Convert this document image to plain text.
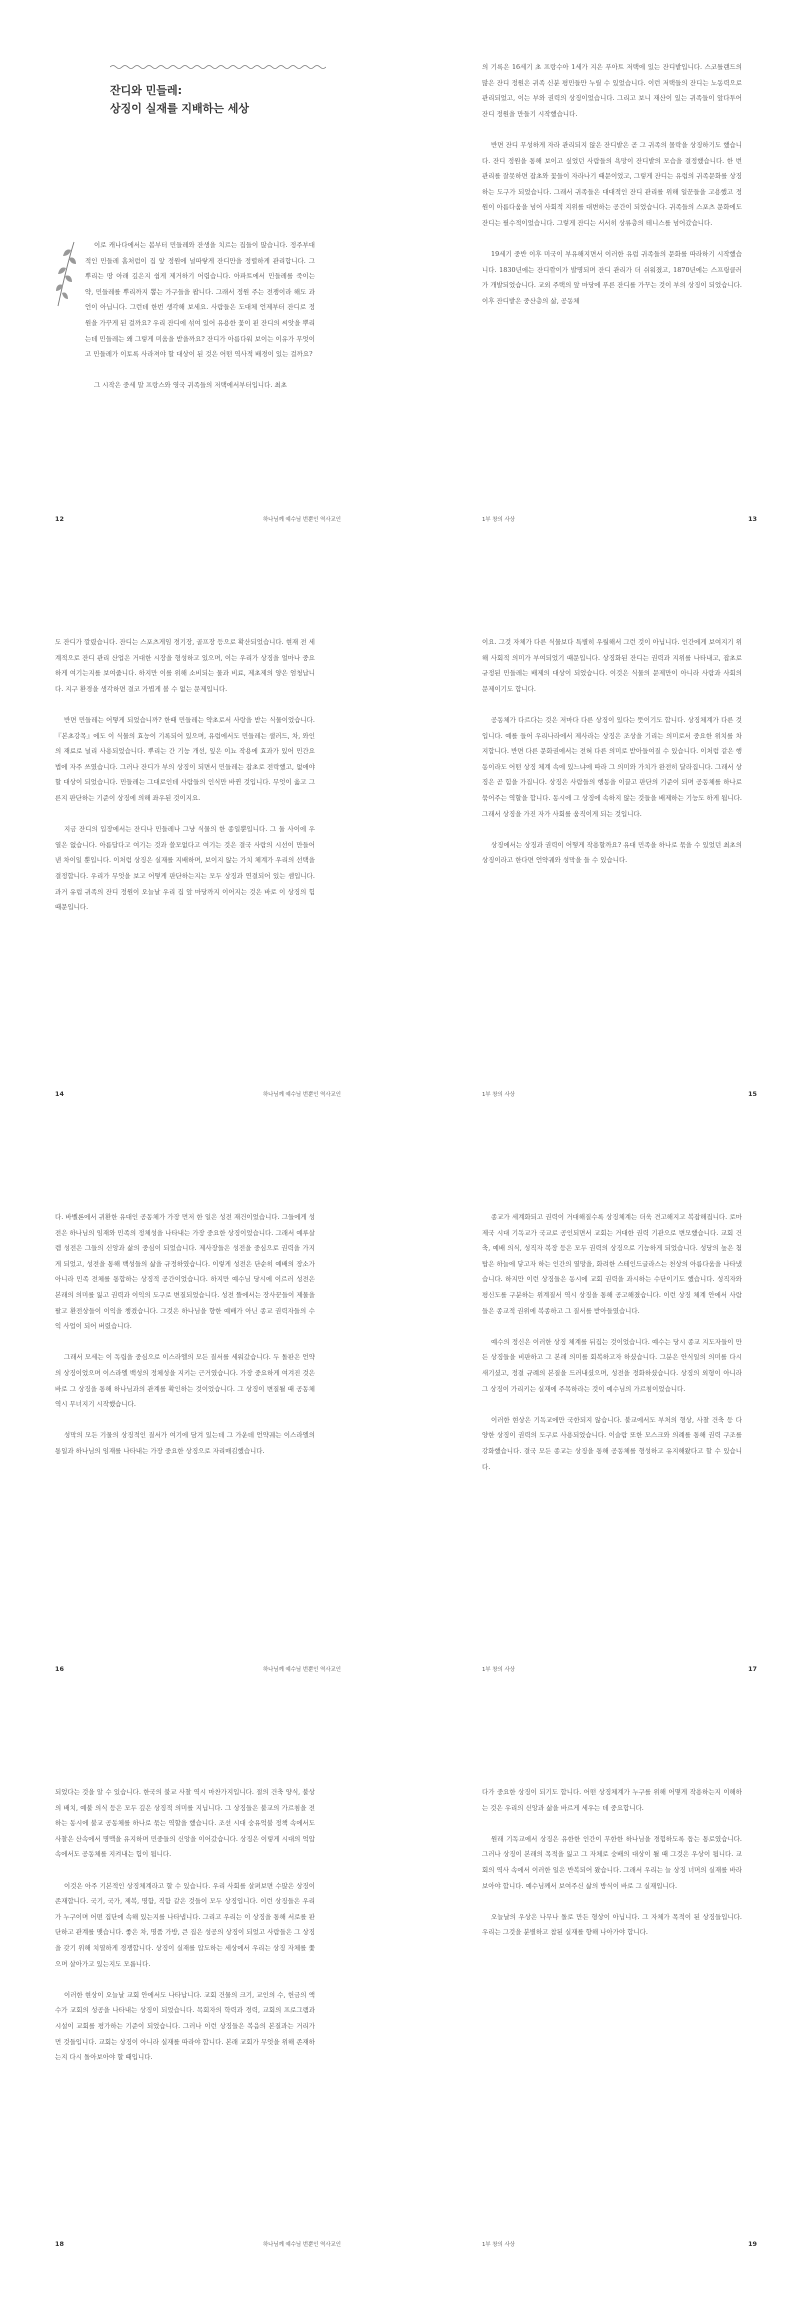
잔디와 민들레:
상징이 실재를 지배하는 세상

이로 캐나다에서는 봄부터 민들레와 잔생을 치르는 집들이 많습니다. 정주부대적인 민들레 홈처럼이 집 앞 정원에 널따랗게 잔디만을 정렬하게 관리합니다. 그 뿌리는 땅 아래 깊은지 쉽게 제거하기 어렵습니다. 아파트에서 민들레를 죽이는 약, 민들레를 뿌리까지 뽑는 가구들을 팝니다. 그래서 정원 주는 전쟁이라 해도 과언이 아닙니다. 그런데 한번 생각해 보세요. 사람들은 도대체 언제부터 잔디로 정원을 가꾸게 된 걸까요? 우리 잔디에 섞여 있어 유용한 꽃이 핀 잔디의 씨앗을 뿌리는데 민들레는 왜 그렇게 미움을 받을까요? 잔디가 아름다워 보이는 이유가 무엇이고 민들레가 이토록 사라져야 할 대상이 된 것은 어떤 역사적 배경이 있는 걸까요?

그 시작은 중세 말 프랑스와 영국 귀족들의 저택에서부터입니다. 최초

12	하나님께 예수님 번뿐인 역사교인

의 기록은 16세기 초 프랑수아 1세가 지은 푸아트 저택에 있는 잔디밭입니다. 스코틀랜드의 많은 잔디 정원은 귀족 신분 평민들만 누릴 수 있었습니다. 이런 저택들의 잔디는 노동력으로 관리되었고, 이는 부와 권력의 상징이었습니다. 그리고 보니 재산이 있는 귀족들이 앞다투어 잔디 정원을 만들기 시작했습니다.

반면 잔디 무성하게 자라 관리되지 않은 잔디밭은 곧 그 귀족의 몰락을 상징하기도 했습니다. 잔디 정원을 통해 보이고 싶었던 사람들의 욕망이 잔디밭의 모습을 결정했습니다. 한 번 관리를 잘못하면 잡초와 꽃들이 자라나기 때문이었고, 그렇게 잔디는 유럽의 귀족문화를 상징하는 도구가 되었습니다. 그래서 귀족들은 대대적인 잔디 관리를 위해 일꾼들을 고용했고 정원이 아름다움을 넘어 사회적 지위를 대변하는 공간이 되었습니다. 귀족들의 스포츠 문화에도 잔디는 필수적이었습니다. 그렇게 잔디는 서서히 상류층의 테니스를 넘어갔습니다.

19세기 중반 이후 미국이 부유해지면서 이러한 유럽 귀족들의 문화를 따라하기 시작했습니다. 1830년에는 잔디깎이가 발명되며 잔디 관리가 더 쉬워졌고, 1870년에는 스프링클러가 개발되었습니다. 교외 주택의 앞 마당에 푸른 잔디를 가꾸는 것이 부의 상징이 되었습니다. 이후 잔디밭은 중산층의 삶, 공동체

1부 창의 사상	13

도 잔디가 깔렸습니다. 잔디는 스포츠게임 경기장, 골프장 등으로 확산되었습니다. 현재 전 세계적으로 잔디 관리 산업은 거대한 시장을 형성하고 있으며, 이는 우리가 상징을 얼마나 중요하게 여기는지를 보여줍니다. 하지만 이를 위해 소비되는 물과 비료, 제초제의 양은 엄청납니다. 지구 환경을 생각하면 결코 가볍게 볼 수 없는 문제입니다.

반면 민들레는 어떻게 되었습니까? 한때 민들레는 약초로서 사랑을 받는 식물이었습니다. 『본초강목』에도 이 식물의 효능이 기록되어 있으며, 유럽에서도 민들레는 샐러드, 차, 와인의 재료로 널리 사용되었습니다. 뿌리는 간 기능 개선, 잎은 이뇨 작용에 효과가 있어 민간요법에 자주 쓰였습니다. 그러나 잔디가 부의 상징이 되면서 민들레는 잡초로 전락했고, 없애야 할 대상이 되었습니다. 민들레는 그대로인데 사람들의 인식만 바뀐 것입니다. 무엇이 옳고 그른지 판단하는 기준이 상징에 의해 좌우된 것이지요.

지금 잔디의 입장에서는 잔디나 민들레나 그냥 식물의 한 종일뿐입니다. 그 둘 사이에 우열은 없습니다. 아름답다고 여기는 것과 쓸모없다고 여기는 것은 결국 사람의 시선이 만들어낸 차이일 뿐입니다. 이처럼 상징은 실재를 지배하며, 보이지 않는 가치 체계가 우리의 선택을 결정합니다. 우리가 무엇을 보고 어떻게 판단하는지는 모두 상징과 연결되어 있는 셈입니다. 과거 유럽 귀족의 잔디 정원이 오늘날 우리 집 앞 마당까지 이어지는 것은 바로 이 상징의 힘 때문입니다.

14	하나님께 예수님 번뿐인 역사교인

이요. 그것 자체가 다른 식물보다 특별히 우월해서 그런 것이 아닙니다. 인간에게 보여지기 위해 사회적 의미가 부여되었기 때문입니다. 상징화된 잔디는 권력과 지위를 나타내고, 잡초로 규정된 민들레는 배제의 대상이 되었습니다. 이것은 식물의 문제만이 아니라 사람과 사회의 문제이기도 합니다.

공동체가 다르다는 것은 저마다 다른 상징이 있다는 뜻이기도 합니다. 상징체계가 다른 것입니다. 예를 들어 우리나라에서 제사라는 상징은 조상을 기리는 의미로서 중요한 위치를 차지합니다. 반면 다른 문화권에서는 전혀 다른 의미로 받아들여질 수 있습니다. 이처럼 같은 행동이라도 어떤 상징 체계 속에 있느냐에 따라 그 의미와 가치가 완전히 달라집니다. 그래서 상징은 곧 힘을 가집니다. 상징은 사람들의 행동을 이끌고 판단의 기준이 되며 공동체를 하나로 묶어주는 역할을 합니다. 동시에 그 상징에 속하지 않는 것들을 배제하는 기능도 하게 됩니다. 그래서 상징을 가진 자가 사회를 움직이게 되는 것입니다.

상징에서는 상징과 권력이 어떻게 작용할까요? 유대 민족을 하나로 묶을 수 있었던 최초의 상징이라고 한다면 언약궤와 성막을 들 수 있습니다.

1부 창의 사상	15

다. 바벨론에서 귀환한 유대인 공동체가 가장 먼저 한 일은 성전 재건이었습니다. 그들에게 성전은 하나님의 임재와 민족의 정체성을 나타내는 가장 중요한 상징이었습니다. 그래서 예루살렘 성전은 그들의 신앙과 삶의 중심이 되었습니다. 제사장들은 성전을 중심으로 권력을 가지게 되었고, 성전을 통해 백성들의 삶을 규정하였습니다. 이렇게 성전은 단순히 예배의 장소가 아니라 민족 전체를 통합하는 상징적 공간이었습니다. 하지만 예수님 당시에 이르러 성전은 본래의 의미를 잃고 권력과 이익의 도구로 변질되었습니다. 성전 뜰에서는 장사꾼들이 제물을 팔고 환전상들이 이익을 챙겼습니다. 그것은 하나님을 향한 예배가 아닌 종교 권력자들의 수익 사업이 되어 버렸습니다.

그래서 모세는 이 독립을 중심으로 이스라엘의 모든 질서를 세워갔습니다. 두 돌판은 언약의 상징이었으며 이스라엘 백성의 정체성을 지키는 근거였습니다. 가장 중요하게 여겨진 것은 바로 그 상징을 통해 하나님과의 관계를 확인하는 것이었습니다. 그 상징이 변질될 때 공동체 역시 무너지기 시작했습니다.

성막의 모든 기물의 상징적인 질서가 여기에 담겨 있는데 그 가운데 언약궤는 이스라엘의 통일과 하나님의 임재를 나타내는 가장 중요한 상징으로 자리매김했습니다.

16	하나님께 예수님 번뿐인 역사교인

종교가 세계화되고 권력이 거대해질수록 상징체계는 더욱 견고해지고 복잡해집니다. 로마 제국 시대 기독교가 국교로 공인되면서 교회는 거대한 권력 기관으로 변모했습니다. 교회 건축, 예배 의식, 성직자 복장 등은 모두 권력의 상징으로 기능하게 되었습니다. 성당의 높은 첨탑은 하늘에 닿고자 하는 인간의 열망을, 화려한 스테인드글라스는 천상의 아름다움을 나타냈습니다. 하지만 이런 상징들은 동시에 교회 권력을 과시하는 수단이기도 했습니다. 성직자와 평신도를 구분하는 위계질서 역시 상징을 통해 공고해졌습니다. 이런 상징 체계 안에서 사람들은 종교적 권위에 복종하고 그 질서를 받아들였습니다.

예수의 정신은 이러한 상징 체계를 뒤집는 것이었습니다. 예수는 당시 종교 지도자들이 만든 상징들을 비판하고 그 본래 의미를 회복하고자 하셨습니다. 그분은 안식일의 의미를 다시 새기셨고, 정결 규례의 본질을 드러내셨으며, 성전을 정화하셨습니다. 상징의 외형이 아니라 그 상징이 가리키는 실재에 주목하라는 것이 예수님의 가르침이었습니다.

이러한 현상은 기독교에만 국한되지 않습니다. 불교에서도 부처의 형상, 사찰 건축 등 다양한 상징이 권력의 도구로 사용되었습니다. 이슬람 또한 모스크와 의례를 통해 권력 구조를 강화했습니다. 결국 모든 종교는 상징을 통해 공동체를 형성하고 유지해왔다고 할 수 있습니다.

1부 창의 사상	17

되었다는 것을 알 수 있습니다. 한국의 불교 사찰 역시 마찬가지입니다. 절의 건축 양식, 불상의 배치, 예불 의식 등은 모두 깊은 상징적 의미를 지닙니다. 그 상징들은 불교의 가르침을 전하는 동시에 불교 공동체를 하나로 묶는 역할을 했습니다. 조선 시대 숭유억불 정책 속에서도 사찰은 산속에서 명맥을 유지하며 민중들의 신앙을 이어갔습니다. 상징은 이렇게 시대의 억압 속에서도 공동체를 지켜내는 힘이 됩니다.

이것은 아주 기본적인 상징체계라고 할 수 있습니다. 우리 사회를 살펴보면 수많은 상징이 존재합니다. 국기, 국가, 제복, 명함, 직함 같은 것들이 모두 상징입니다. 이런 상징들은 우리가 누구이며 어떤 집단에 속해 있는지를 나타냅니다. 그리고 우리는 이 상징을 통해 서로를 판단하고 관계를 맺습니다. 좋은 차, 명품 가방, 큰 집은 성공의 상징이 되었고 사람들은 그 상징을 갖기 위해 치열하게 경쟁합니다. 상징이 실재를 압도하는 세상에서 우리는 상징 자체를 쫓으며 살아가고 있는지도 모릅니다.

이러한 현상이 오늘날 교회 안에서도 나타납니다. 교회 건물의 크기, 교인의 수, 헌금의 액수가 교회의 성공을 나타내는 상징이 되었습니다. 목회자의 학력과 경력, 교회의 프로그램과 시설이 교회를 평가하는 기준이 되었습니다. 그러나 이런 상징들은 복음의 본질과는 거리가 먼 것들입니다. 교회는 상징이 아니라 실재를 따라야 합니다. 본래 교회가 무엇을 위해 존재하는지 다시 돌아보아야 할 때입니다.

18	하나님께 예수님 번뿐인 역사교인

다가 중요한 상징이 되기도 합니다. 어떤 상징체계가 누구를 위해 어떻게 작용하는지 이해하는 것은 우리의 신앙과 삶을 바르게 세우는 데 중요합니다.

원래 기독교에서 상징은 유한한 인간이 무한한 하나님을 경험하도록 돕는 통로였습니다. 그러나 상징이 본래의 목적을 잃고 그 자체로 숭배의 대상이 될 때 그것은 우상이 됩니다. 교회의 역사 속에서 이러한 일은 반복되어 왔습니다. 그래서 우리는 늘 상징 너머의 실재를 바라보아야 합니다. 예수님께서 보여주신 삶의 방식이 바로 그 실재입니다.

오늘날의 우상은 나무나 돌로 만든 형상이 아닙니다. 그 자체가 목적이 된 상징들입니다. 우리는 그것을 분별하고 참된 실재를 향해 나아가야 합니다.

1부 창의 사상	19
